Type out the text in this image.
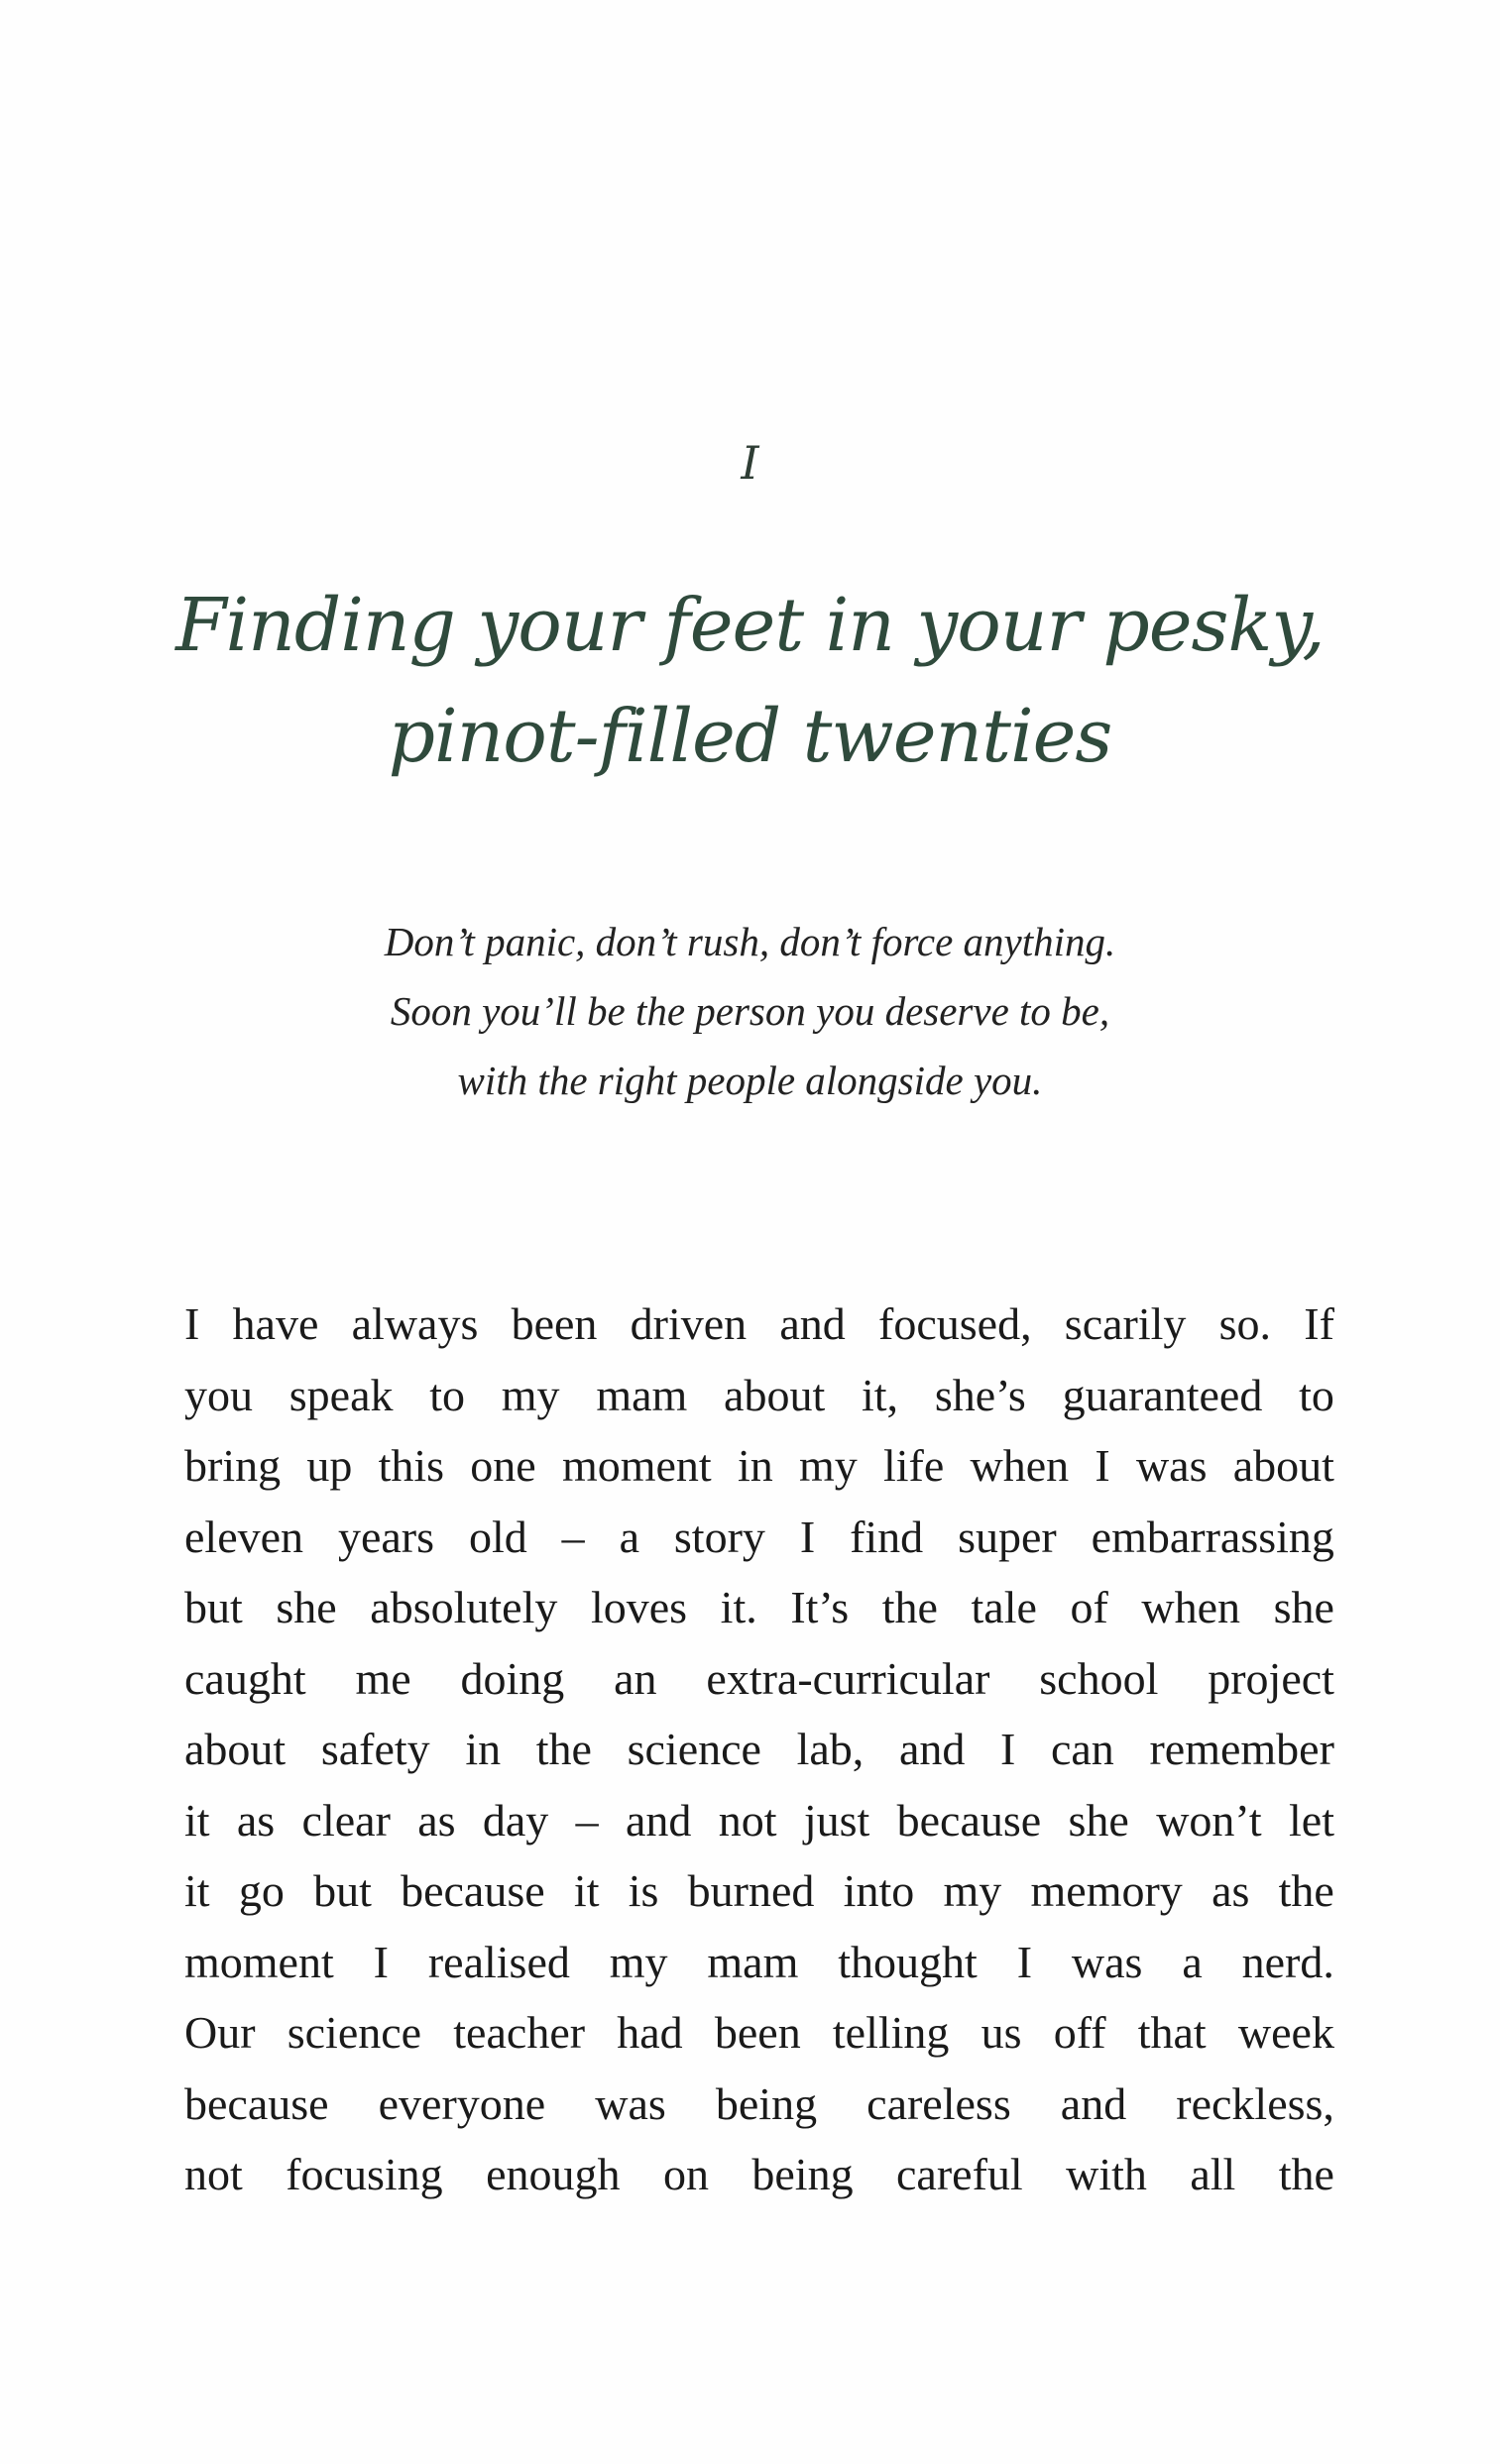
I
Finding your feet in your pesky,
pinot-filled twenties
Don’t panic, don’t rush, don’t force anything.
Soon you’ll be the person you deserve to be,
with the right people alongside you.
I have always been driven and focused, scarily so. If
you speak to my mam about it, she’s guaranteed to
bring up this one moment in my life when I was about
eleven years old – a story I find super embarrassing
but she absolutely loves it. It’s the tale of when she
caught me doing an extra-curricular school project
about safety in the science lab, and I can remember
it as clear as day – and not just because she won’t let
it go but because it is burned into my memory as the
moment I realised my mam thought I was a nerd.
Our science teacher had been telling us off that week
because everyone was being careless and reckless,
not focusing enough on being careful with all the
